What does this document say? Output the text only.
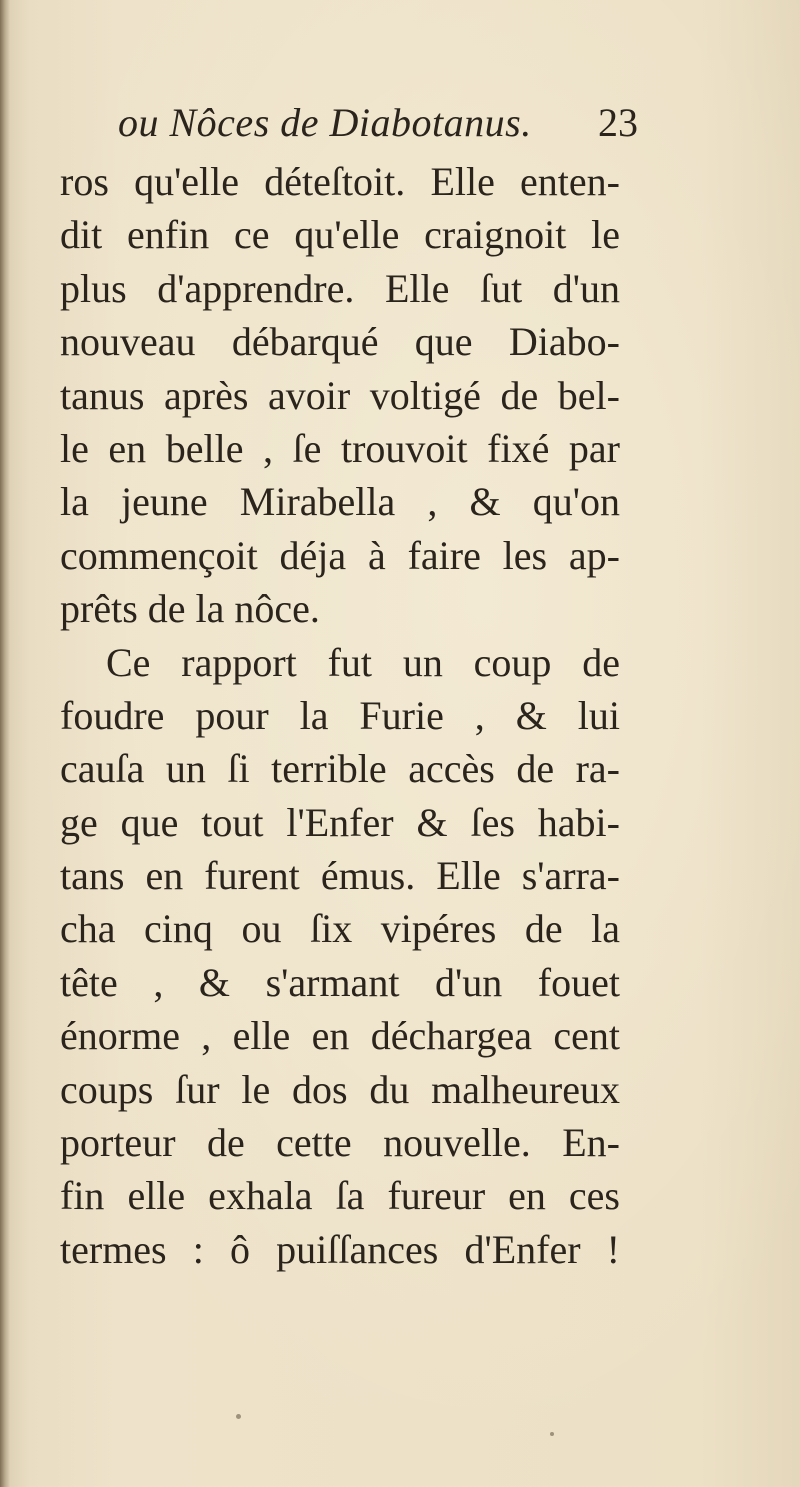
ou Nôces de Diabotanus. 23
ros qu'elle déteſtoit. Elle enten-
dit enfin ce qu'elle craignoit le
plus d'apprendre. Elle ſut d'un
nouveau débarqué que Diabo-
tanus après avoir voltigé de bel-
le en belle , ſe trouvoit fixé par
la jeune Mirabella , & qu'on
commençoit déja à faire les ap-
prêts de la nôce.
Ce rapport fut un coup de
foudre pour la Furie , & lui
cauſa un ſi terrible accès de ra-
ge que tout l'Enfer & ſes habi-
tans en furent émus. Elle s'arra-
cha cinq ou ſix vipéres de la
tête , & s'armant d'un fouet
énorme , elle en déchargea cent
coups ſur le dos du malheureux
porteur de cette nouvelle. En-
fin elle exhala ſa fureur en ces
termes : ô puiſſances d'Enfer !
